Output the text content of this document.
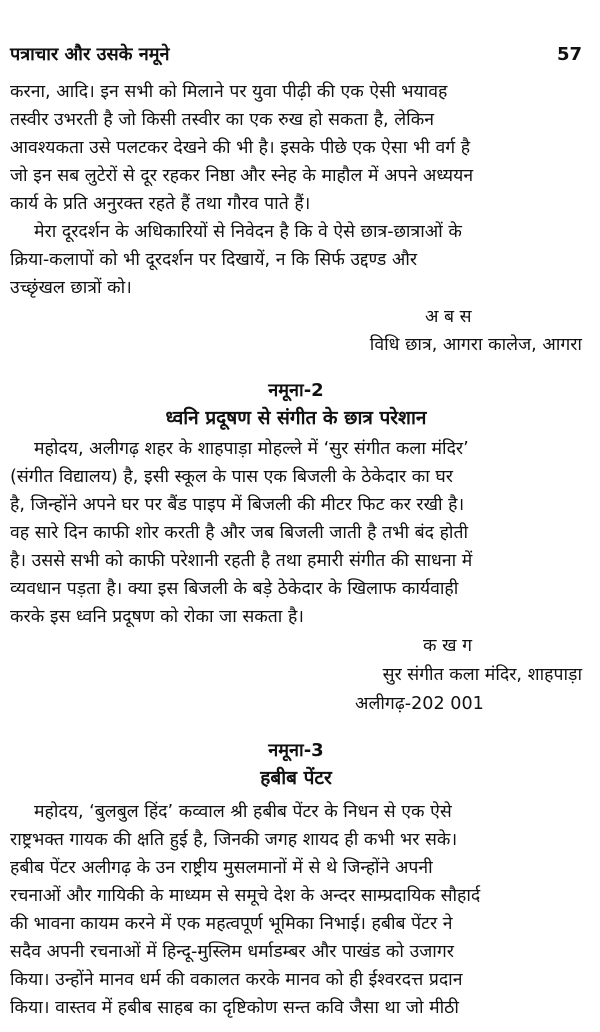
पत्राचार और उसके नमूने	57
करना, आदि। इन सभी को मिलाने पर युवा पीढ़ी की एक ऐसी भयावह
तस्वीर उभरती है जो किसी तस्वीर का एक रुख हो सकता है, लेकिन
आवश्यकता उसे पलटकर देखने की भी है। इसके पीछे एक ऐसा भी वर्ग है
जो इन सब लुटेरों से दूर रहकर निष्ठा और स्नेह के माहौल में अपने अध्ययन
कार्य के प्रति अनुरक्त रहते हैं तथा गौरव पाते हैं।
मेरा दूरदर्शन के अधिकारियों से निवेदन है कि वे ऐसे छात्र-छात्राओं के
क्रिया-कलापों को भी दूरदर्शन पर दिखायें, न कि सिर्फ उद्दण्ड और
उच्छृंखल छात्रों को।
अ ब स
विधि छात्र, आगरा कालेज, आगरा
नमूना-2
ध्वनि प्रदूषण से संगीत के छात्र परेशान
महोदय, अलीगढ़ शहर के शाहपाड़ा मोहल्ले में ‘सुर संगीत कला मंदिर’
(संगीत विद्यालय) है, इसी स्कूल के पास एक बिजली के ठेकेदार का घर
है, जिन्होंने अपने घर पर बैंड पाइप में बिजली की मीटर फिट कर रखी है।
वह सारे दिन काफी शोर करती है और जब बिजली जाती है तभी बंद होती
है। उससे सभी को काफी परेशानी रहती है तथा हमारी संगीत की साधना में
व्यवधान पड़ता है। क्या इस बिजली के बड़े ठेकेदार के खिलाफ कार्यवाही
करके इस ध्वनि प्रदूषण को रोका जा सकता है।
क ख ग
सुर संगीत कला मंदिर, शाहपाड़ा
अलीगढ़-202 001
नमूना-3
हबीब पेंटर
महोदय, ‘बुलबुल हिंद’ कव्वाल श्री हबीब पेंटर के निधन से एक ऐसे
राष्ट्रभक्त गायक की क्षति हुई है, जिनकी जगह शायद ही कभी भर सके।
हबीब पेंटर अलीगढ़ के उन राष्ट्रीय मुसलमानों में से थे जिन्होंने अपनी
रचनाओं और गायिकी के माध्यम से समूचे देश के अन्दर साम्प्रदायिक सौहार्द
की भावना कायम करने में एक महत्वपूर्ण भूमिका निभाई। हबीब पेंटर ने
सदैव अपनी रचनाओं में हिन्दू-मुस्लिम धर्माडम्बर और पाखंड को उजागर
किया। उन्होंने मानव धर्म की वकालत करके मानव को ही ईश्वरदत्त प्रदान
किया। वास्तव में हबीब साहब का दृष्टिकोण सन्त कवि जैसा था जो मीठी
